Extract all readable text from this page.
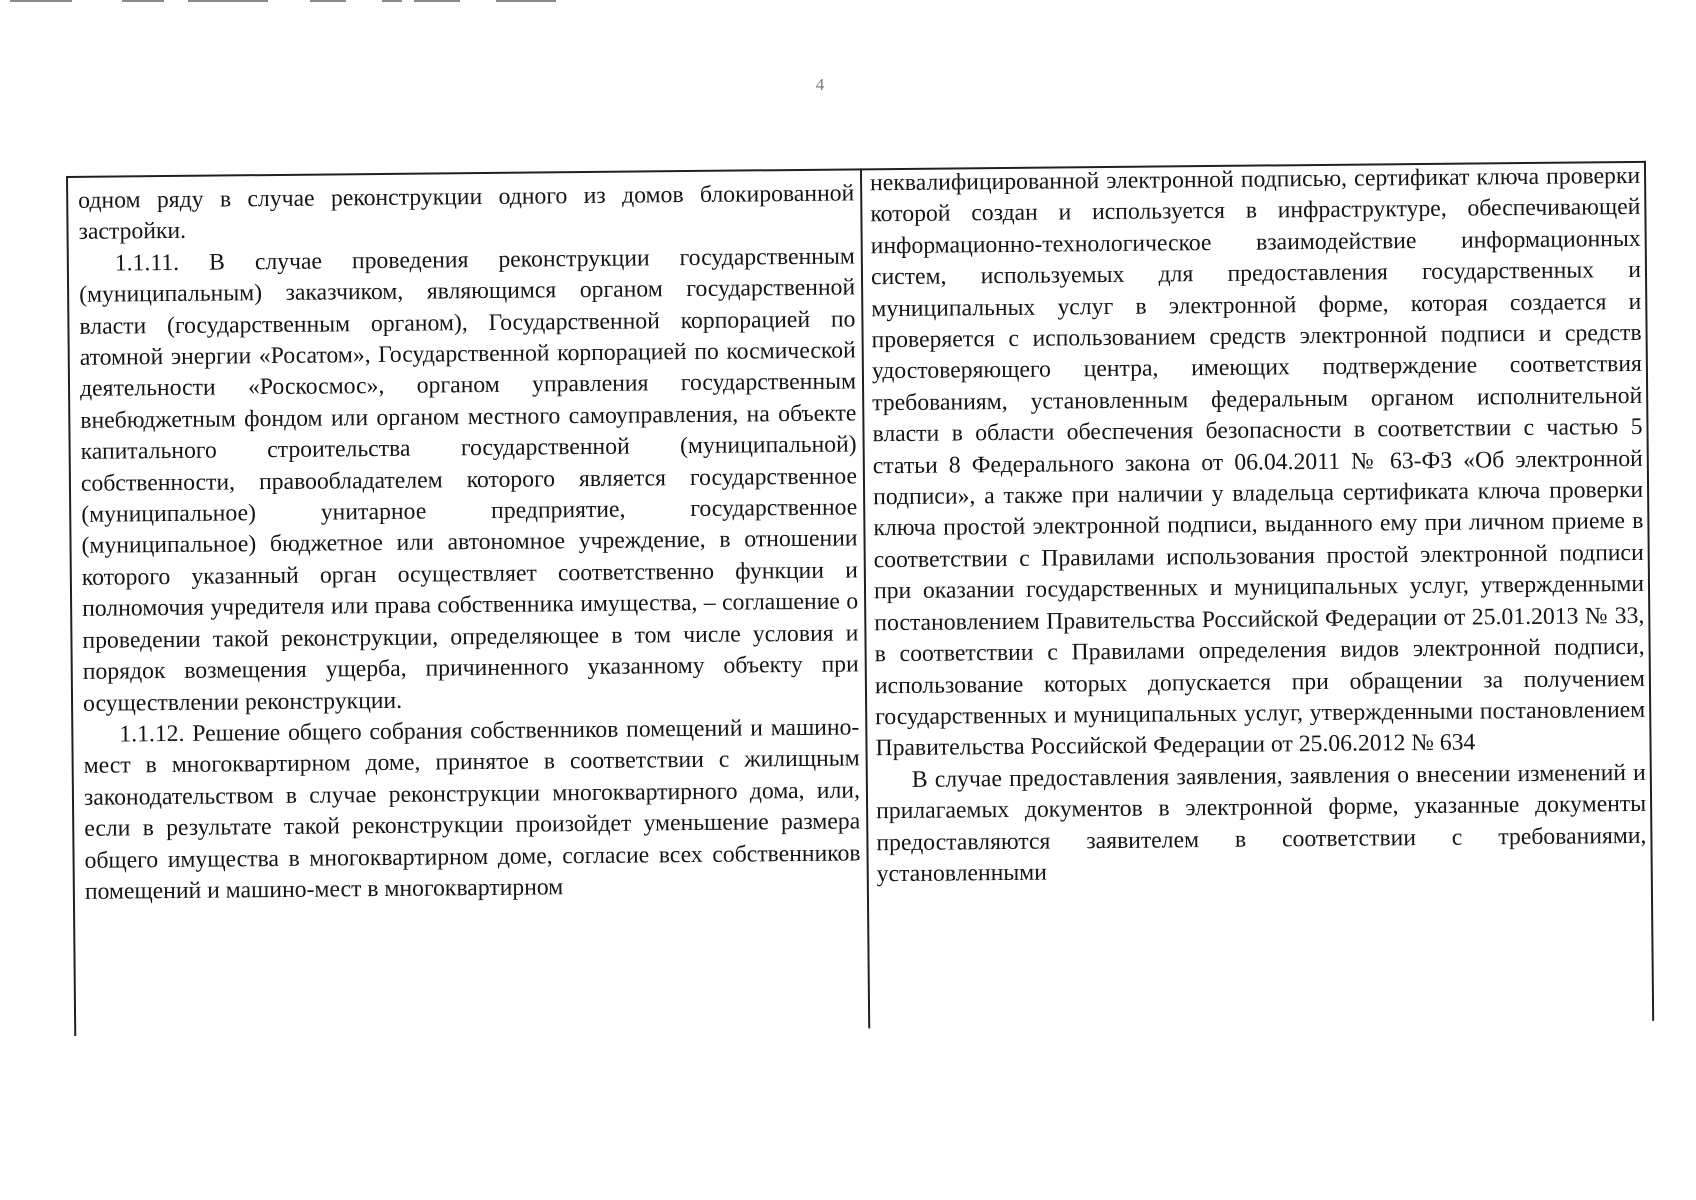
4

одном ряду в случае реконструкции одного из домов блокированной застройки.

1.1.11. В случае проведения реконструкции государственным (муниципальным) заказчиком, являющимся органом государственной власти (государственным органом), Государственной корпорацией по атомной энергии «Росатом», Государственной корпорацией по космической деятельности «Роскосмос», органом управления государственным внебюджетным фондом или органом местного самоуправления, на объекте капитального строительства государственной (муниципальной) собственности, правообладателем которого является государственное (муниципальное) унитарное предприятие, государственное (муниципальное) бюджетное или автономное учреждение, в отношении которого указанный орган осуществляет соответственно функции и полномочия учредителя или права собственника имущества, – соглашение о проведении такой реконструкции, определяющее в том числе условия и порядок возмещения ущерба, причиненного указанному объекту при осуществлении реконструкции.

1.1.12. Решение общего собрания собственников помещений и машино-мест в многоквартирном доме, принятое в соответствии с жилищным законодательством в случае реконструкции многоквартирного дома, или, если в результате такой реконструкции произойдет уменьшение размера общего имущества в многоквартирном доме, согласие всех собственников помещений и машино-мест в многоквартирном

неквалифицированной электронной подписью, сертификат ключа проверки которой создан и используется в инфраструктуре, обеспечивающей информационно-технологическое взаимодействие информационных систем, используемых для предоставления государственных и муниципальных услуг в электронной форме, которая создается и проверяется с использованием средств электронной подписи и средств удостоверяющего центра, имеющих подтверждение соответствия требованиям, установленным федеральным органом исполнительной власти в области обеспечения безопасности в соответствии с частью 5 статьи 8 Федерального закона от 06.04.2011 № 63-ФЗ «Об электронной подписи», а также при наличии у владельца сертификата ключа проверки ключа простой электронной подписи, выданного ему при личном приеме в соответствии с Правилами использования простой электронной подписи при оказании государственных и муниципальных услуг, утвержденными постановлением Правительства Российской Федерации от 25.01.2013 № 33, в соответствии с Правилами определения видов электронной подписи, использование которых допускается при обращении за получением государственных и муниципальных услуг, утвержденными постановлением Правительства Российской Федерации от 25.06.2012 № 634

В случае предоставления заявления, заявления о внесении изменений и прилагаемых документов в электронной форме, указанные документы предоставляются заявителем в соответствии с требованиями, установленными
